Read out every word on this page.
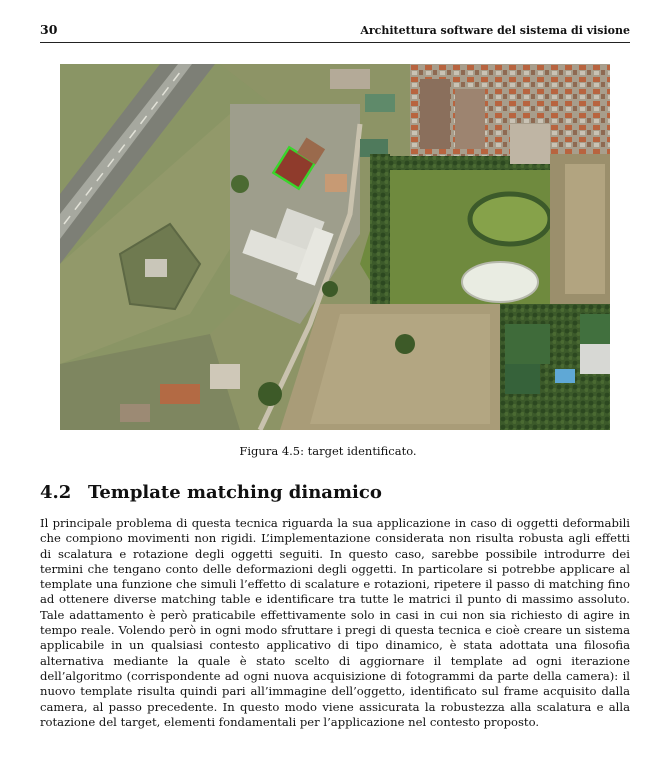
30	Architettura software del sistema di visione
Figura 4.5: target identificato.
4.2 Template matching dinamico
Il principale problema di questa tecnica riguarda la sua applicazione in caso di oggetti deformabili che compiono movimenti non rigidi. L’implementazione considerata non risulta robusta agli effetti di scalatura e rotazione degli oggetti seguiti. In questo caso, sarebbe possibile introdurre dei termini che tengano conto delle deformazioni degli oggetti. In particolare si potrebbe applicare al template una funzione che simuli l’effetto di scalature e rotazioni, ripetere il passo di matching fino ad ottenere diverse matching table e identificare tra tutte le matrici il punto di massimo assoluto. Tale adattamento è però praticabile effettivamente solo in casi in cui non sia richiesto di agire in tempo reale. Volendo però in ogni modo sfruttare i pregi di questa tecnica e cioè creare un sistema applicabile in un qualsiasi contesto applicativo di tipo dinamico, è stata adottata una filosofia alternativa mediante la quale è stato scelto di aggiornare il template ad ogni iterazione dell’algoritmo (corrispondente ad ogni nuova acquisizione di fotogrammi da parte della camera): il nuovo template risulta quindi pari all’immagine dell’oggetto, identificato sul frame acquisito dalla camera, al passo precedente. In questo modo viene assicurata la robustezza alla scalatura e alla rotazione del target, elementi fondamentali per l’applicazione nel contesto proposto.
